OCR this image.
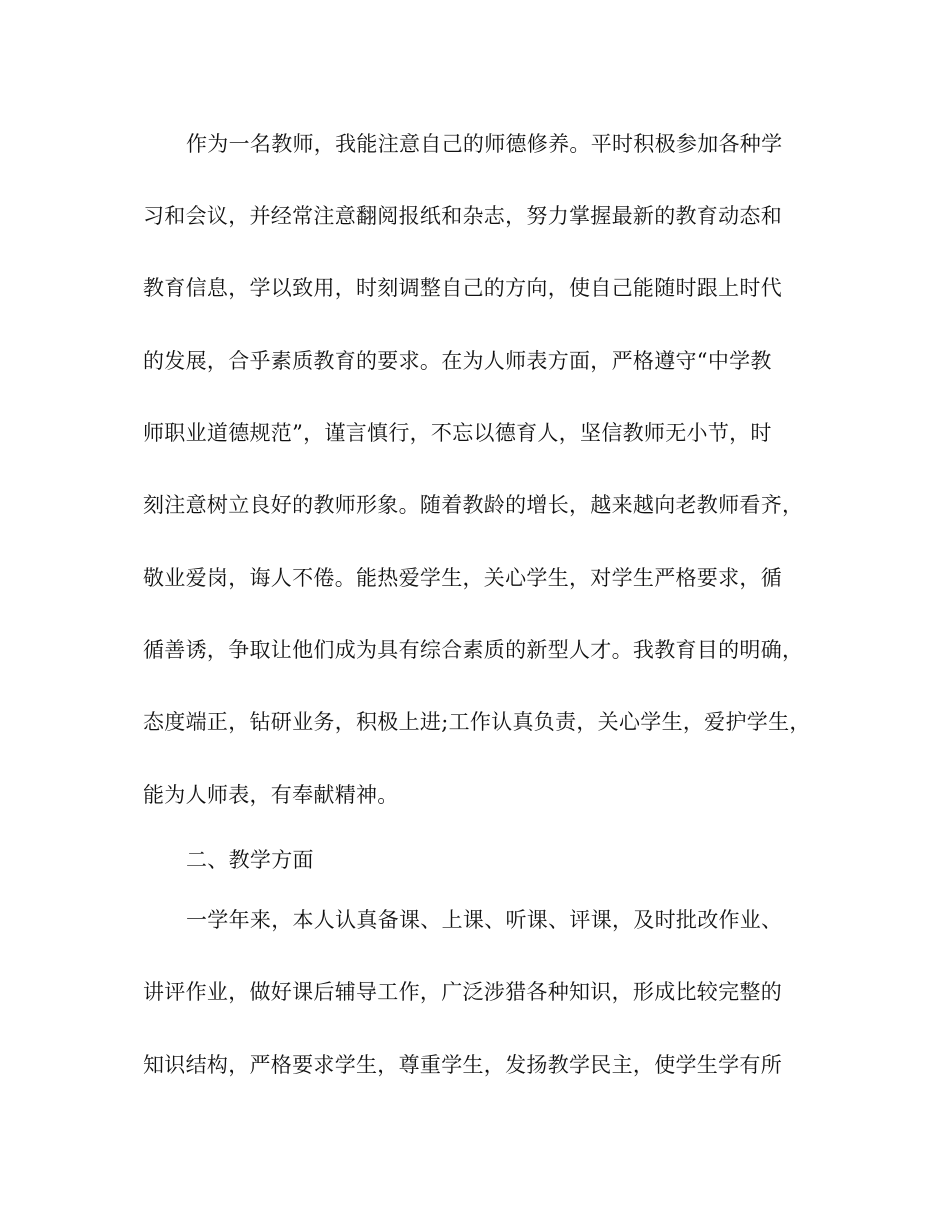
作为一名教师，我能注意自己的师德修养。平时积极参加各种学
习和会议，并经常注意翻阅报纸和杂志，努力掌握最新的教育动态和
教育信息，学以致用，时刻调整自己的方向，使自己能随时跟上时代
的发展，合乎素质教育的要求。在为人师表方面，严格遵守“中学教
师职业道德规范”，谨言慎行，不忘以德育人，坚信教师无小节，时
刻注意树立良好的教师形象。随着教龄的增长，越来越向老教师看齐，
敬业爱岗，诲人不倦。能热爱学生，关心学生，对学生严格要求，循
循善诱，争取让他们成为具有综合素质的新型人才。我教育目的明确，
态度端正，钻研业务，积极上进;工作认真负责，关心学生，爱护学生，
能为人师表，有奉献精神。
二、教学方面
一学年来，本人认真备课、上课、听课、评课，及时批改作业、
讲评作业，做好课后辅导工作，广泛涉猎各种知识，形成比较完整的
知识结构，严格要求学生，尊重学生，发扬教学民主，使学生学有所
